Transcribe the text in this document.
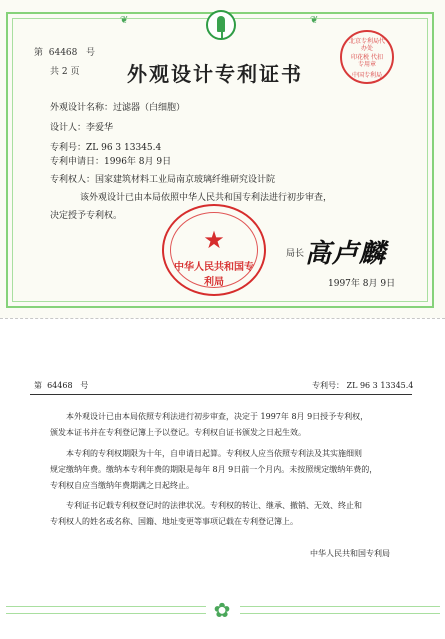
❦	❦
第 64468 号
共 2 页 外观设计专利证书
北京专利局代办处
印花税 代扣专用章
中国专利局
外观设计名称：过滤器（白细胞）
设计人：李爱华
专利号：ZL 96 3 13345.4
专利申请日：1996年 8月 9日
专利权人：国家建筑材料工业局南京玻璃纤维研究设计院
该外观设计已由本局依照中华人民共和国专利法进行初步审查，
决定授予专利权。
★
中华人民共和国专利局
局长 高卢麟
1997年 8月 9日
第 64468 号	专利号： ZL 96 3 13345.4
本外观设计已由本局依照专利法进行初步审查，决定于 1997年 8月 9日授予专利权，
颁发本证书并在专利登记簿上予以登记。专利权自证书颁发之日起生效。
本专利的专利权期限为十年，自申请日起算。专利权人应当依照专利法及其实施细则
规定缴纳年费。缴纳本专利年费的期限是每年 8月 9日前一个月内。未按照规定缴纳年费的，
专利权自应当缴纳年费期满之日起终止。
专利证书记载专利权登记时的法律状况。专利权的转让、继承、撤销、无效、终止和
专利权人的姓名或名称、国籍、地址变更等事项记载在专利登记簿上。
中华人民共和国专利局
✿
